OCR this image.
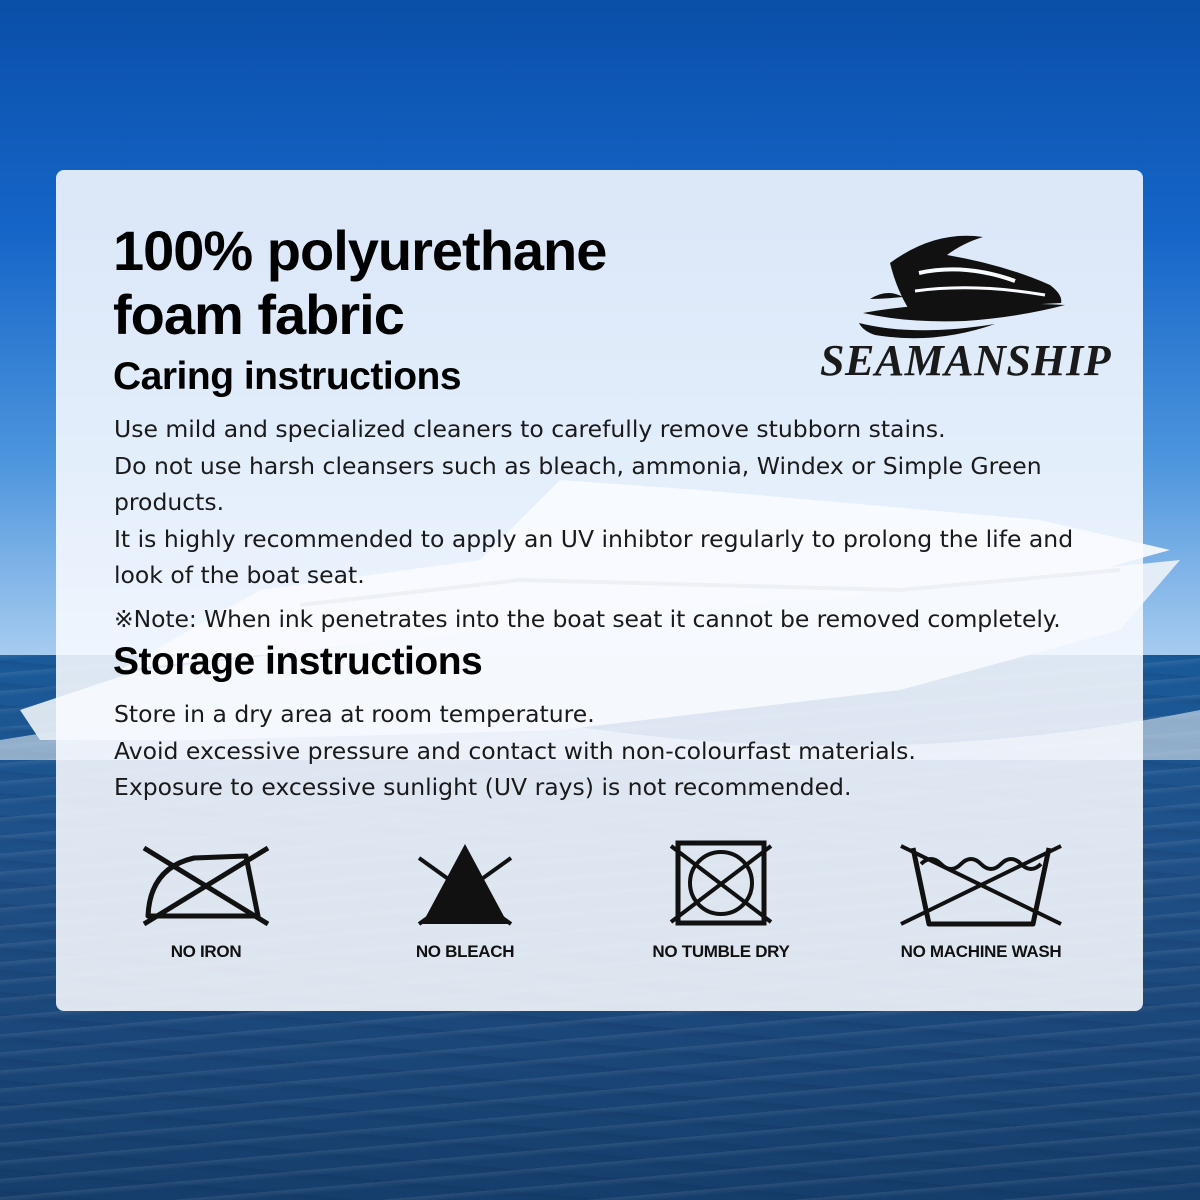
100% polyurethane
foam fabric
SEAMANSHIP
Caring instructions
Use mild and specialized cleaners to carefully remove stubborn stains.
Do not use harsh cleansers such as bleach, ammonia, Windex or Simple Green products.
It is highly recommended to apply an UV inhibtor regularly to prolong the life and look of the boat seat.
※Note: When ink penetrates into the boat seat it cannot be removed completely.
Storage instructions
Store in a dry area at room temperature.
Avoid excessive pressure and contact with non-colourfast materials.
Exposure to excessive sunlight (UV rays) is not recommended.
NO IRON	NO BLEACH	NO TUMBLE DRY	NO MACHINE WASH
